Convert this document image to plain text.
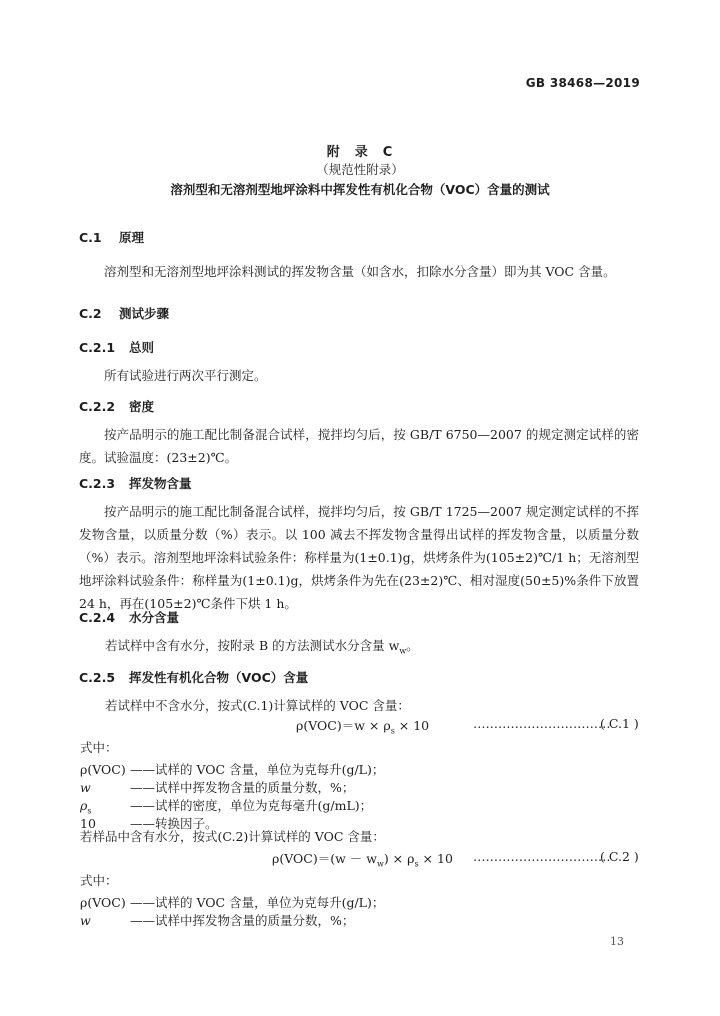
GB 38468—2019
附　录　C
（规范性附录）
溶剂型和无溶剂型地坪涂料中挥发性有机化合物（VOC）含量的测试
C.1 原理
溶剂型和无溶剂型地坪涂料测试的挥发物含量（如含水，扣除水分含量）即为其 VOC 含量。
C.2 测试步骤
C.2.1 总则
所有试验进行两次平行测定。
C.2.2 密度
按产品明示的施工配比制备混合试样，搅拌均匀后，按 GB/T 6750—2007 的规定测定试样的密度。试验温度：(23±2)℃。
C.2.3 挥发物含量
按产品明示的施工配比制备混合试样，搅拌均匀后，按 GB/T 1725—2007 规定测定试样的不挥发物含量，以质量分数（%）表示。以 100 减去不挥发物含量得出试样的挥发物含量，以质量分数（%）表示。溶剂型地坪涂料试验条件：称样量为(1±0.1)g，烘烤条件为(105±2)℃/1 h；无溶剂型地坪涂料试验条件：称样量为(1±0.1)g，烘烤条件为先在(23±2)℃、相对湿度(50±5)%条件下放置 24 h，再在(105±2)℃条件下烘 1 h。
C.2.4 水分含量
若试样中含有水分，按附录 B 的方法测试水分含量 $w_w$。
C.2.5 挥发性有机化合物（VOC）含量
若试样中不含水分，按式(C.1)计算试样的 VOC 含量：
$\rho(VOC)=w \times \rho_s \times 10$	……………………………
( C.1 )
式中：
ρ(VOC) ——试样的 VOC 含量，单位为克每升(g/L)；
w	——试样中挥发物含量的质量分数，%；
$\rho_s$	——试样的密度，单位为克每毫升(g/mL)；
10	——转换因子。
若样品中含有水分，按式(C.2)计算试样的 VOC 含量：
$\rho(VOC)=(w - w_w) \times \rho_s \times 10$ ……………………………
( C.2 )
式中：
ρ(VOC) ——试样的 VOC 含量，单位为克每升(g/L)；
w	——试样中挥发物含量的质量分数，%；
13
